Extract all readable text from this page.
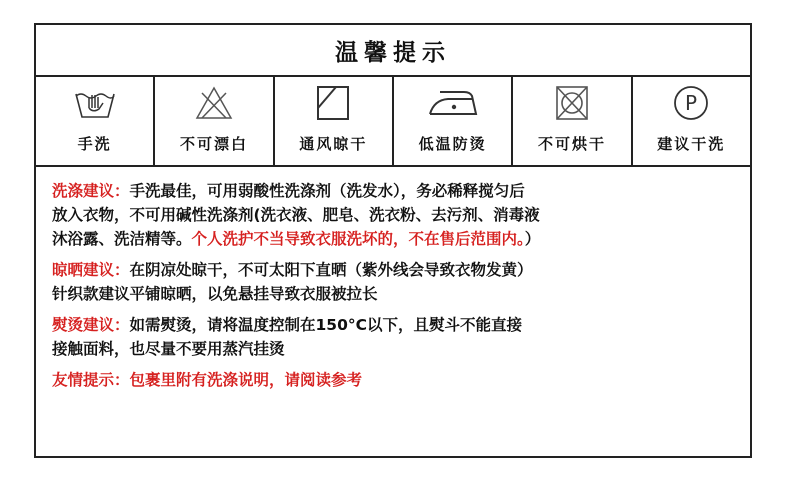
温馨提示
手洗	不可漂白	通风晾干	低温防烫	不可烘干
P
建议干洗
洗涤建议：手洗最佳，可用弱酸性洗涤剂（洗发水），务必稀释搅匀后
放入衣物，不可用碱性洗涤剂(洗衣液、肥皂、洗衣粉、去污剂、消毒液
沐浴露、洗洁精等。个人洗护不当导致衣服洗坏的，不在售后范围内。）
晾晒建议：在阴凉处晾干，不可太阳下直晒（紫外线会导致衣物发黄）
针织款建议平铺晾晒，以免悬挂导致衣服被拉长
熨烫建议：如需熨烫，请将温度控制在150°C以下，且熨斗不能直接
接触面料，也尽量不要用蒸汽挂烫
友情提示：包裹里附有洗涤说明，请阅读参考
